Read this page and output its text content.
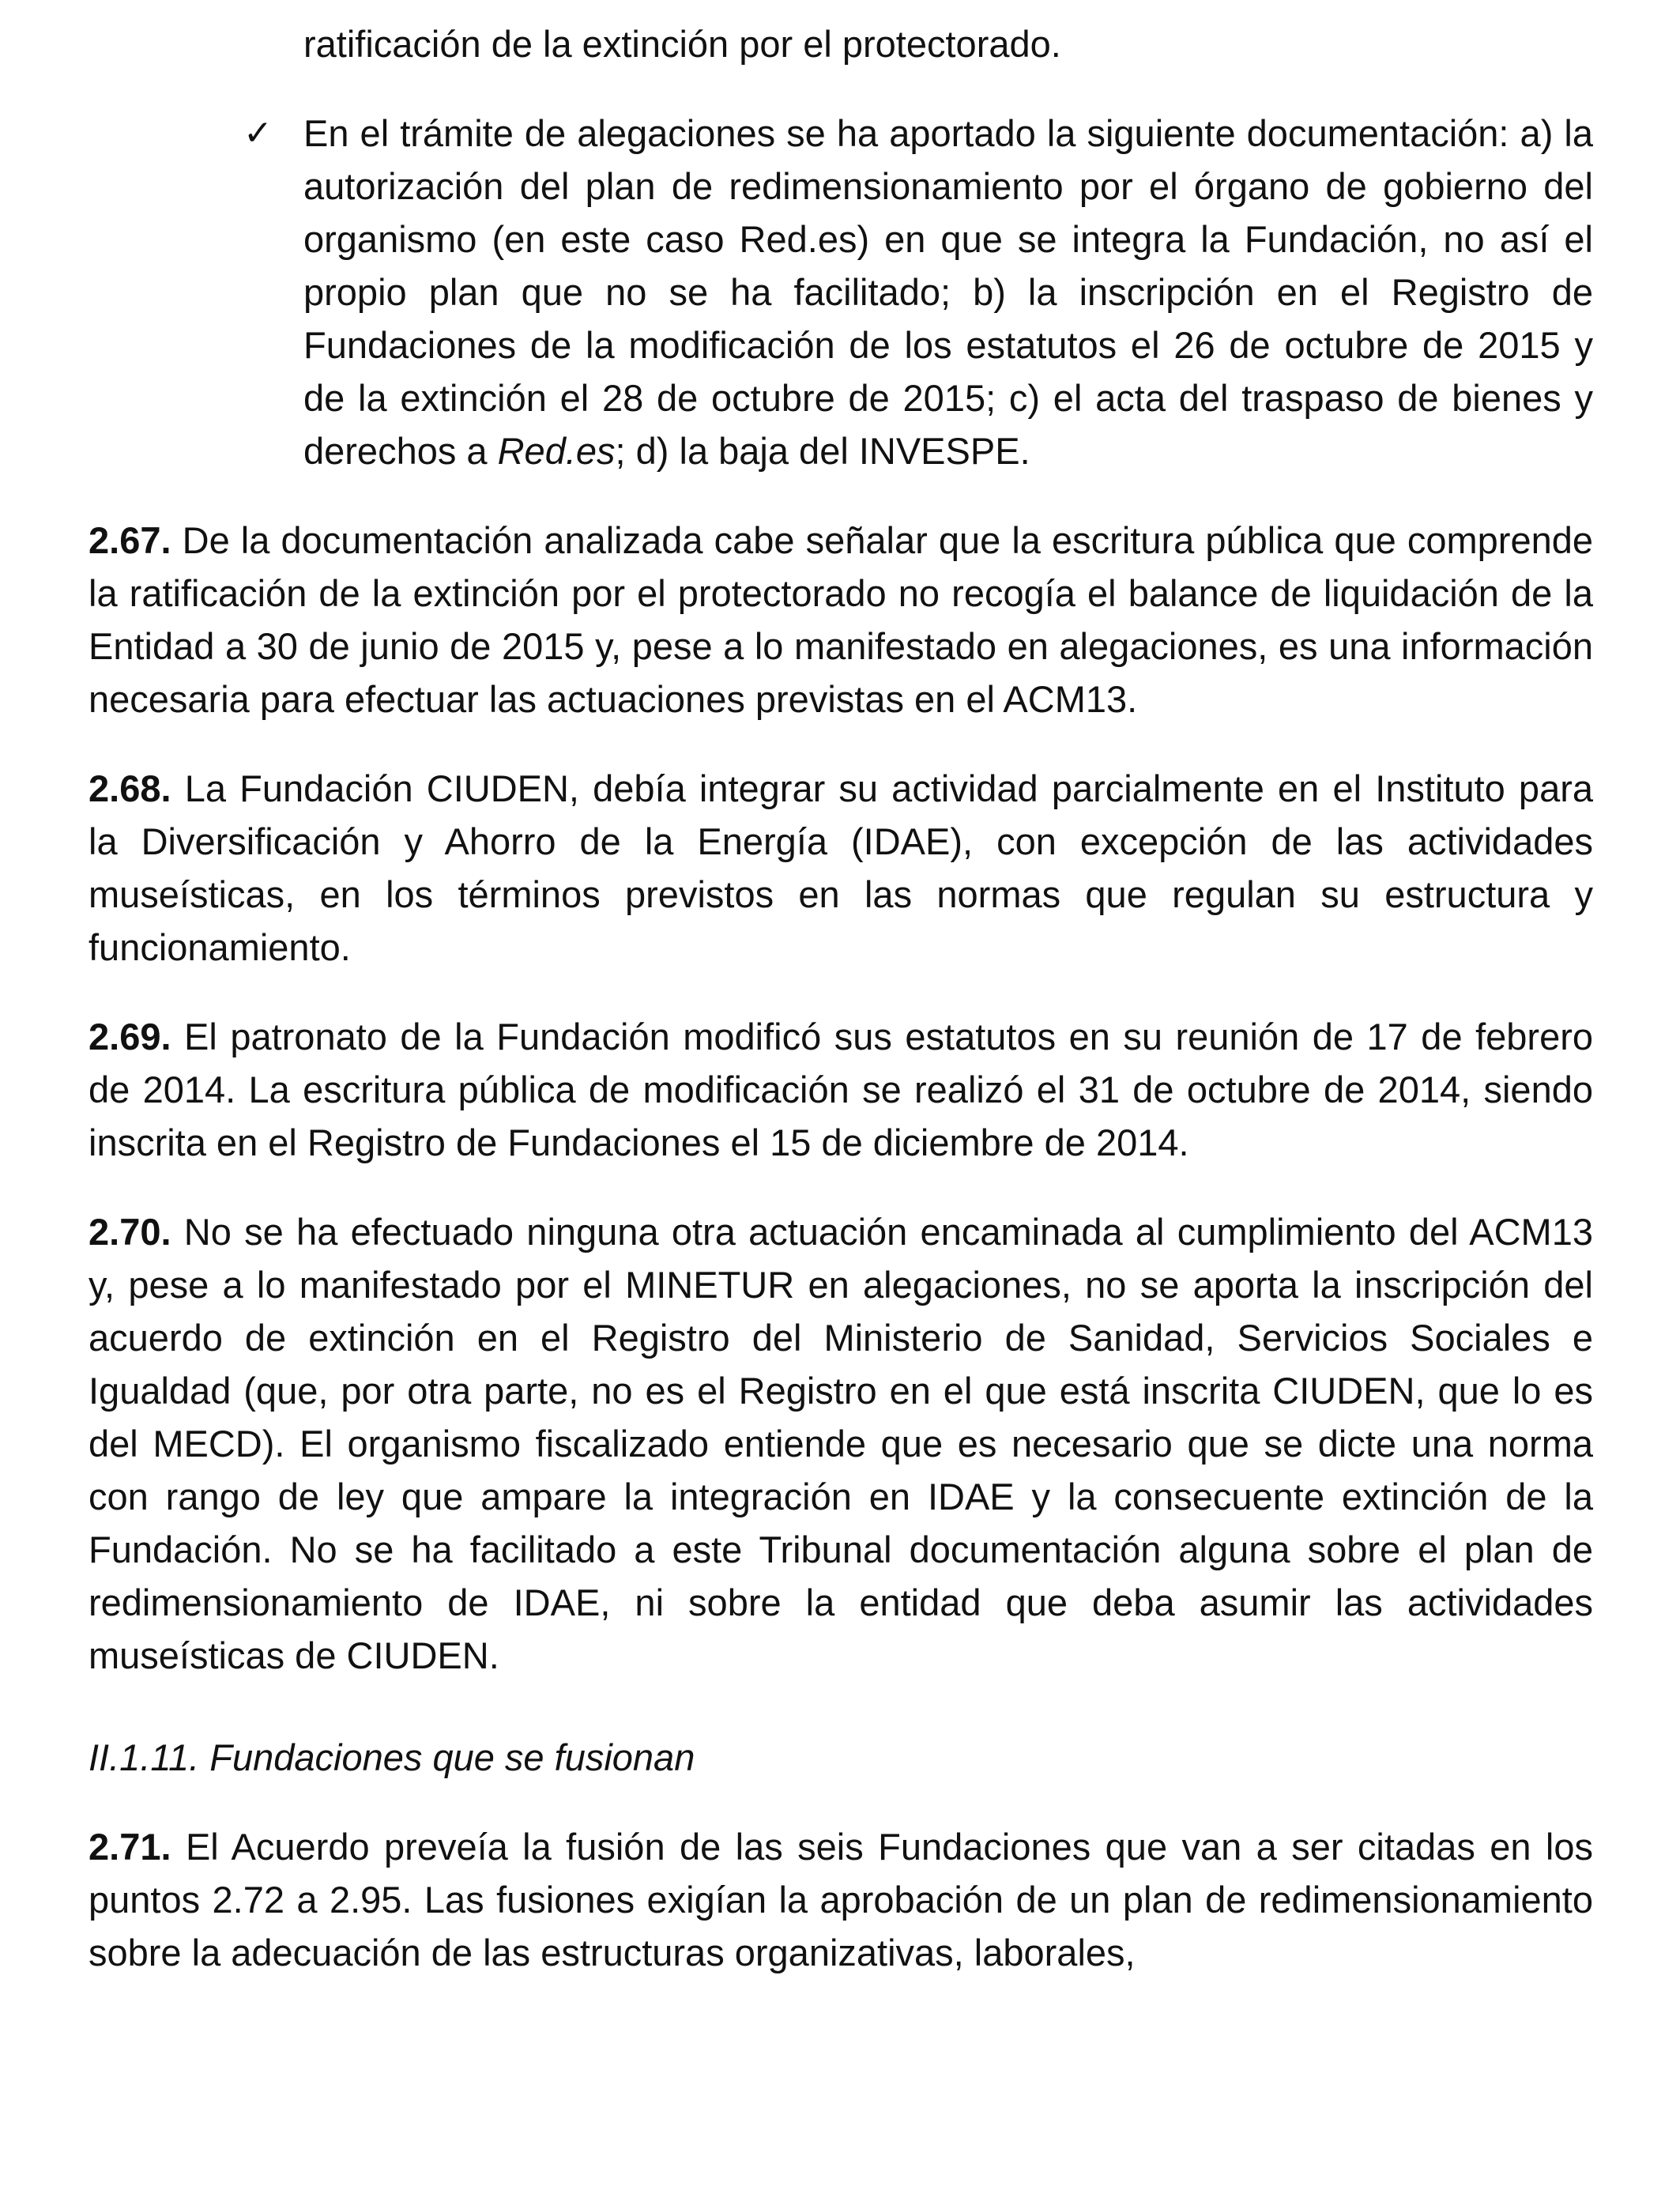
ratificación de la extinción por el protectorado.

✓ En el trámite de alegaciones se ha aportado la siguiente documentación: a) la autorización del plan de redimensionamiento por el órgano de gobierno del organismo (en este caso Red.es) en que se integra la Fundación, no así el propio plan que no se ha facilitado; b) la inscripción en el Registro de Fundaciones de la modificación de los estatutos el 26 de octubre de 2015 y de la extinción el 28 de octubre de 2015; c) el acta del traspaso de bienes y derechos a Red.es; d) la baja del INVESPE.

2.67. De la documentación analizada cabe señalar que la escritura pública que comprende la ratificación de la extinción por el protectorado no recogía el balance de liquidación de la Entidad a 30 de junio de 2015 y, pese a lo manifestado en alegaciones, es una información necesaria para efectuar las actuaciones previstas en el ACM13.

2.68. La Fundación CIUDEN, debía integrar su actividad parcialmente en el Instituto para la Diversificación y Ahorro de la Energía (IDAE), con excepción de las actividades museísticas, en los términos previstos en las normas que regulan su estructura y funcionamiento.

2.69. El patronato de la Fundación modificó sus estatutos en su reunión de 17 de febrero de 2014. La escritura pública de modificación se realizó el 31 de octubre de 2014, siendo inscrita en el Registro de Fundaciones el 15 de diciembre de 2014.

2.70. No se ha efectuado ninguna otra actuación encaminada al cumplimiento del ACM13 y, pese a lo manifestado por el MINETUR en alegaciones, no se aporta la inscripción del acuerdo de extinción en el Registro del Ministerio de Sanidad, Servicios Sociales e Igualdad (que, por otra parte, no es el Registro en el que está inscrita CIUDEN, que lo es del MECD). El organismo fiscalizado entiende que es necesario que se dicte una norma con rango de ley que ampare la integración en IDAE y la consecuente extinción de la Fundación. No se ha facilitado a este Tribunal documentación alguna sobre el plan de redimensionamiento de IDAE, ni sobre la entidad que deba asumir las actividades museísticas de CIUDEN.

II.1.11. Fundaciones que se fusionan

2.71. El Acuerdo preveía la fusión de las seis Fundaciones que van a ser citadas en los puntos 2.72 a 2.95. Las fusiones exigían la aprobación de un plan de redimensionamiento sobre la adecuación de las estructuras organizativas, laborales,
